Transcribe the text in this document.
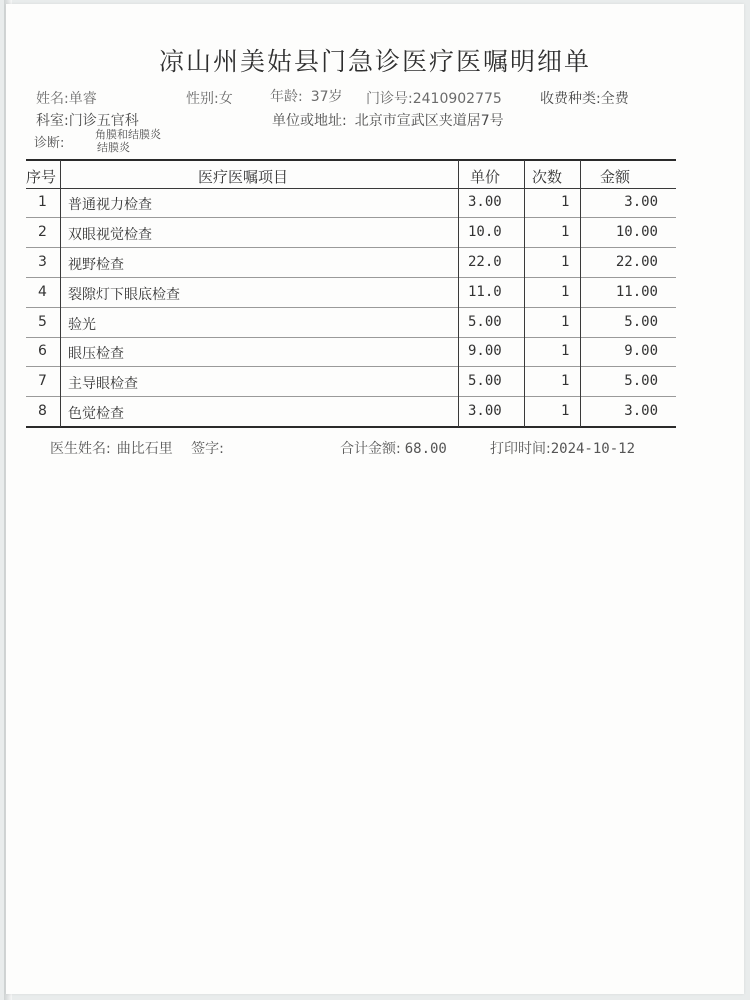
凉山州美姑县门急诊医疗医嘱明细单
姓名:单睿	性别:女	年龄: 37岁 门诊号:2410902775	收费种类:全费
科室:门诊五官科	单位或地址: 北京市宣武区夹道居7号
诊断:
角膜和结膜炎
结膜炎
序号	医疗医嘱项目	单价 次数	金额
1 普通视力检查	3.00	1	3.00
2 双眼视觉检查	10.0	1	10.00
3 视野检查	22.0	1	22.00
4 裂隙灯下眼底检查	11.0	1	11.00
5 验光	5.00	1	5.00
6 眼压检查	9.00	1	9.00
7 主导眼检查	5.00	1	5.00
8 色觉检查	3.00	1	3.00
医生姓名: 曲比石里 签字:	合计金额: 68.00	打印时间:2024-10-12
